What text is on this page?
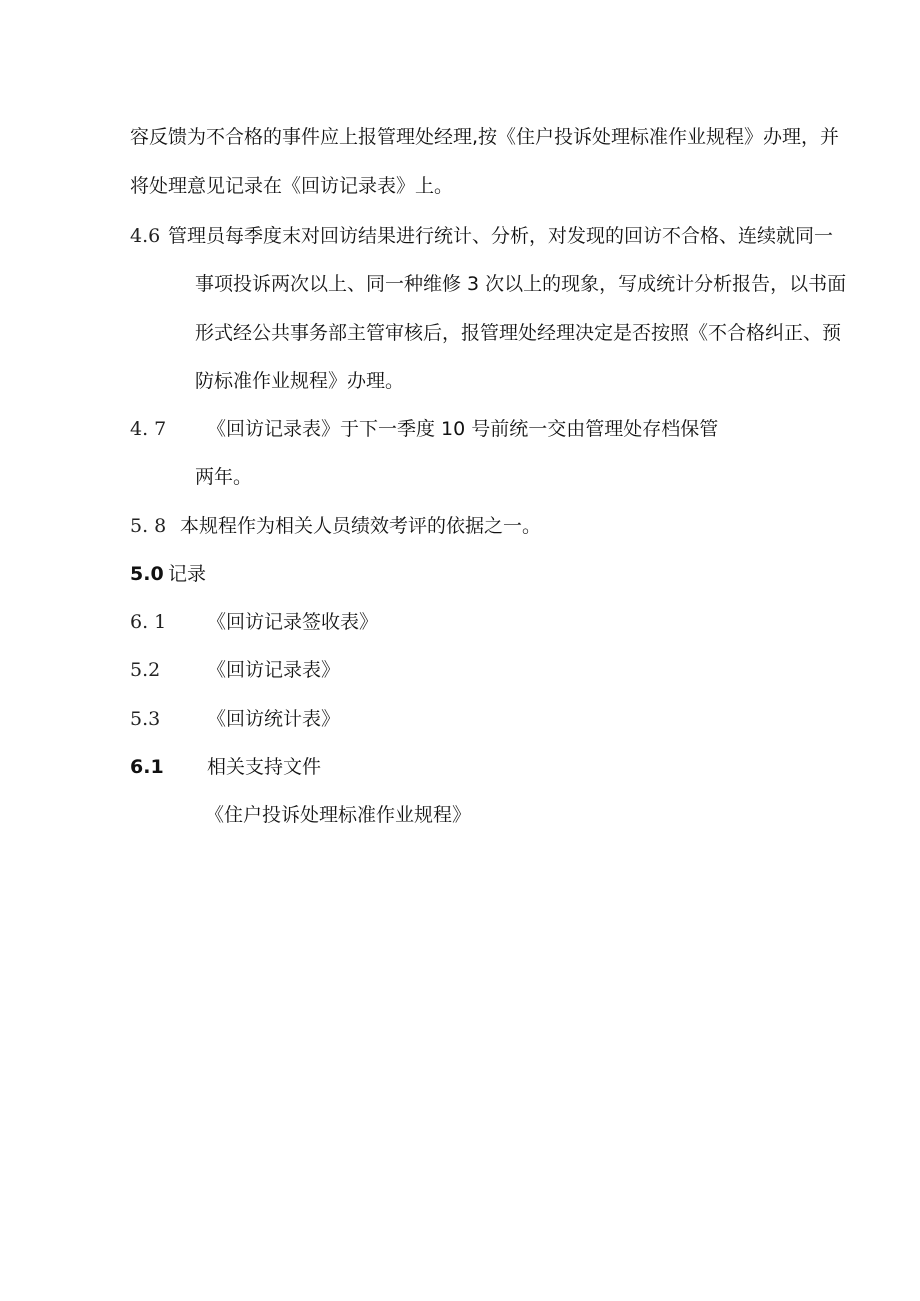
容反馈为不合格的事件应上报管理处经理,按《住户投诉处理标准作业规程》办理，并
将处理意见记录在《回访记录表》上。
4.6 管理员每季度末对回访结果进行统计、分析，对发现的回访不合格、连续就同一
事项投诉两次以上、同一种维修 3 次以上的现象，写成统计分析报告，以书面
形式经公共事务部主管审核后，报管理处经理决定是否按照《不合格纠正、预
防标准作业规程》办理。
4. 7 《回访记录表》于下一季度 10 号前统一交由管理处存档保管
两年。
5. 8 本规程作为相关人员绩效考评的依据之一。
5.0 记录
6. 1 《回访记录签收表》
5.2 《回访记录表》
5.3 《回访统计表》
6.1 相关支持文件
《住户投诉处理标准作业规程》
